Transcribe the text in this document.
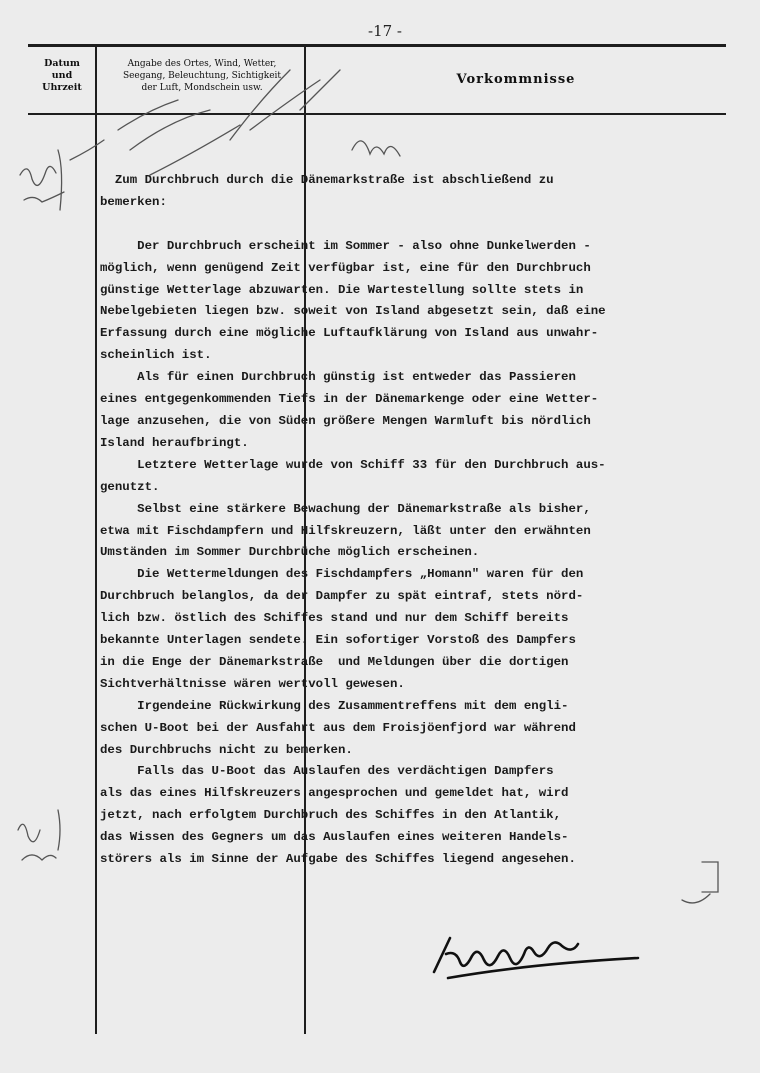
-17 -
Datum
und
Uhrzeit
Angabe des Ortes, Wind, Wetter,
Seegang, Beleuchtung, Sichtigkeit
der Luft, Mondschein usw.
Vorkommnisse
Zum Durchbruch durch die Dänemarkstraße ist abschließend zu
bemerken:

Der Durchbruch erscheint im Sommer - also ohne Dunkelwerden -
möglich, wenn genügend Zeit verfügbar ist, eine für den Durchbruch
günstige Wetterlage abzuwarten. Die Wartestellung sollte stets in
Nebelgebieten liegen bzw. soweit von Island abgesetzt sein, daß eine
Erfassung durch eine mögliche Luftaufklärung von Island aus unwahr-
scheinlich ist.
Als für einen Durchbruch günstig ist entweder das Passieren
eines entgegenkommenden Tiefs in der Dänemarkenge oder eine Wetter-
lage anzusehen, die von Süden größere Mengen Warmluft bis nördlich
Island heraufbringt.
Letztere Wetterlage wurde von Schiff 33 für den Durchbruch aus-
genutzt.
Selbst eine stärkere Bewachung der Dänemarkstraße als bisher,
etwa mit Fischdampfern und Hilfskreuzern, läßt unter den erwähnten
Umständen im Sommer Durchbrüche möglich erscheinen.
Die Wettermeldungen des Fischdampfers „Homann" waren für den
Durchbruch belanglos, da der Dampfer zu spät eintraf, stets nörd-
lich bzw. östlich des Schiffes stand und nur dem Schiff bereits
bekannte Unterlagen sendete. Ein sofortiger Vorstoß des Dampfers
in die Enge der Dänemarkstraße  und Meldungen über die dortigen
Sichtverhältnisse wären wertvoll gewesen.
Irgendeine Rückwirkung des Zusammentreffens mit dem engli-
schen U-Boot bei der Ausfahrt aus dem Froisjöenfjord war während
des Durchbruchs nicht zu bemerken.
Falls das U-Boot das Auslaufen des verdächtigen Dampfers
als das eines Hilfskreuzers angesprochen und gemeldet hat, wird
jetzt, nach erfolgtem Durchbruch des Schiffes in den Atlantik,
das Wissen des Gegners um das Auslaufen eines weiteren Handels-
störers als im Sinne der Aufgabe des Schiffes liegend angesehen.
